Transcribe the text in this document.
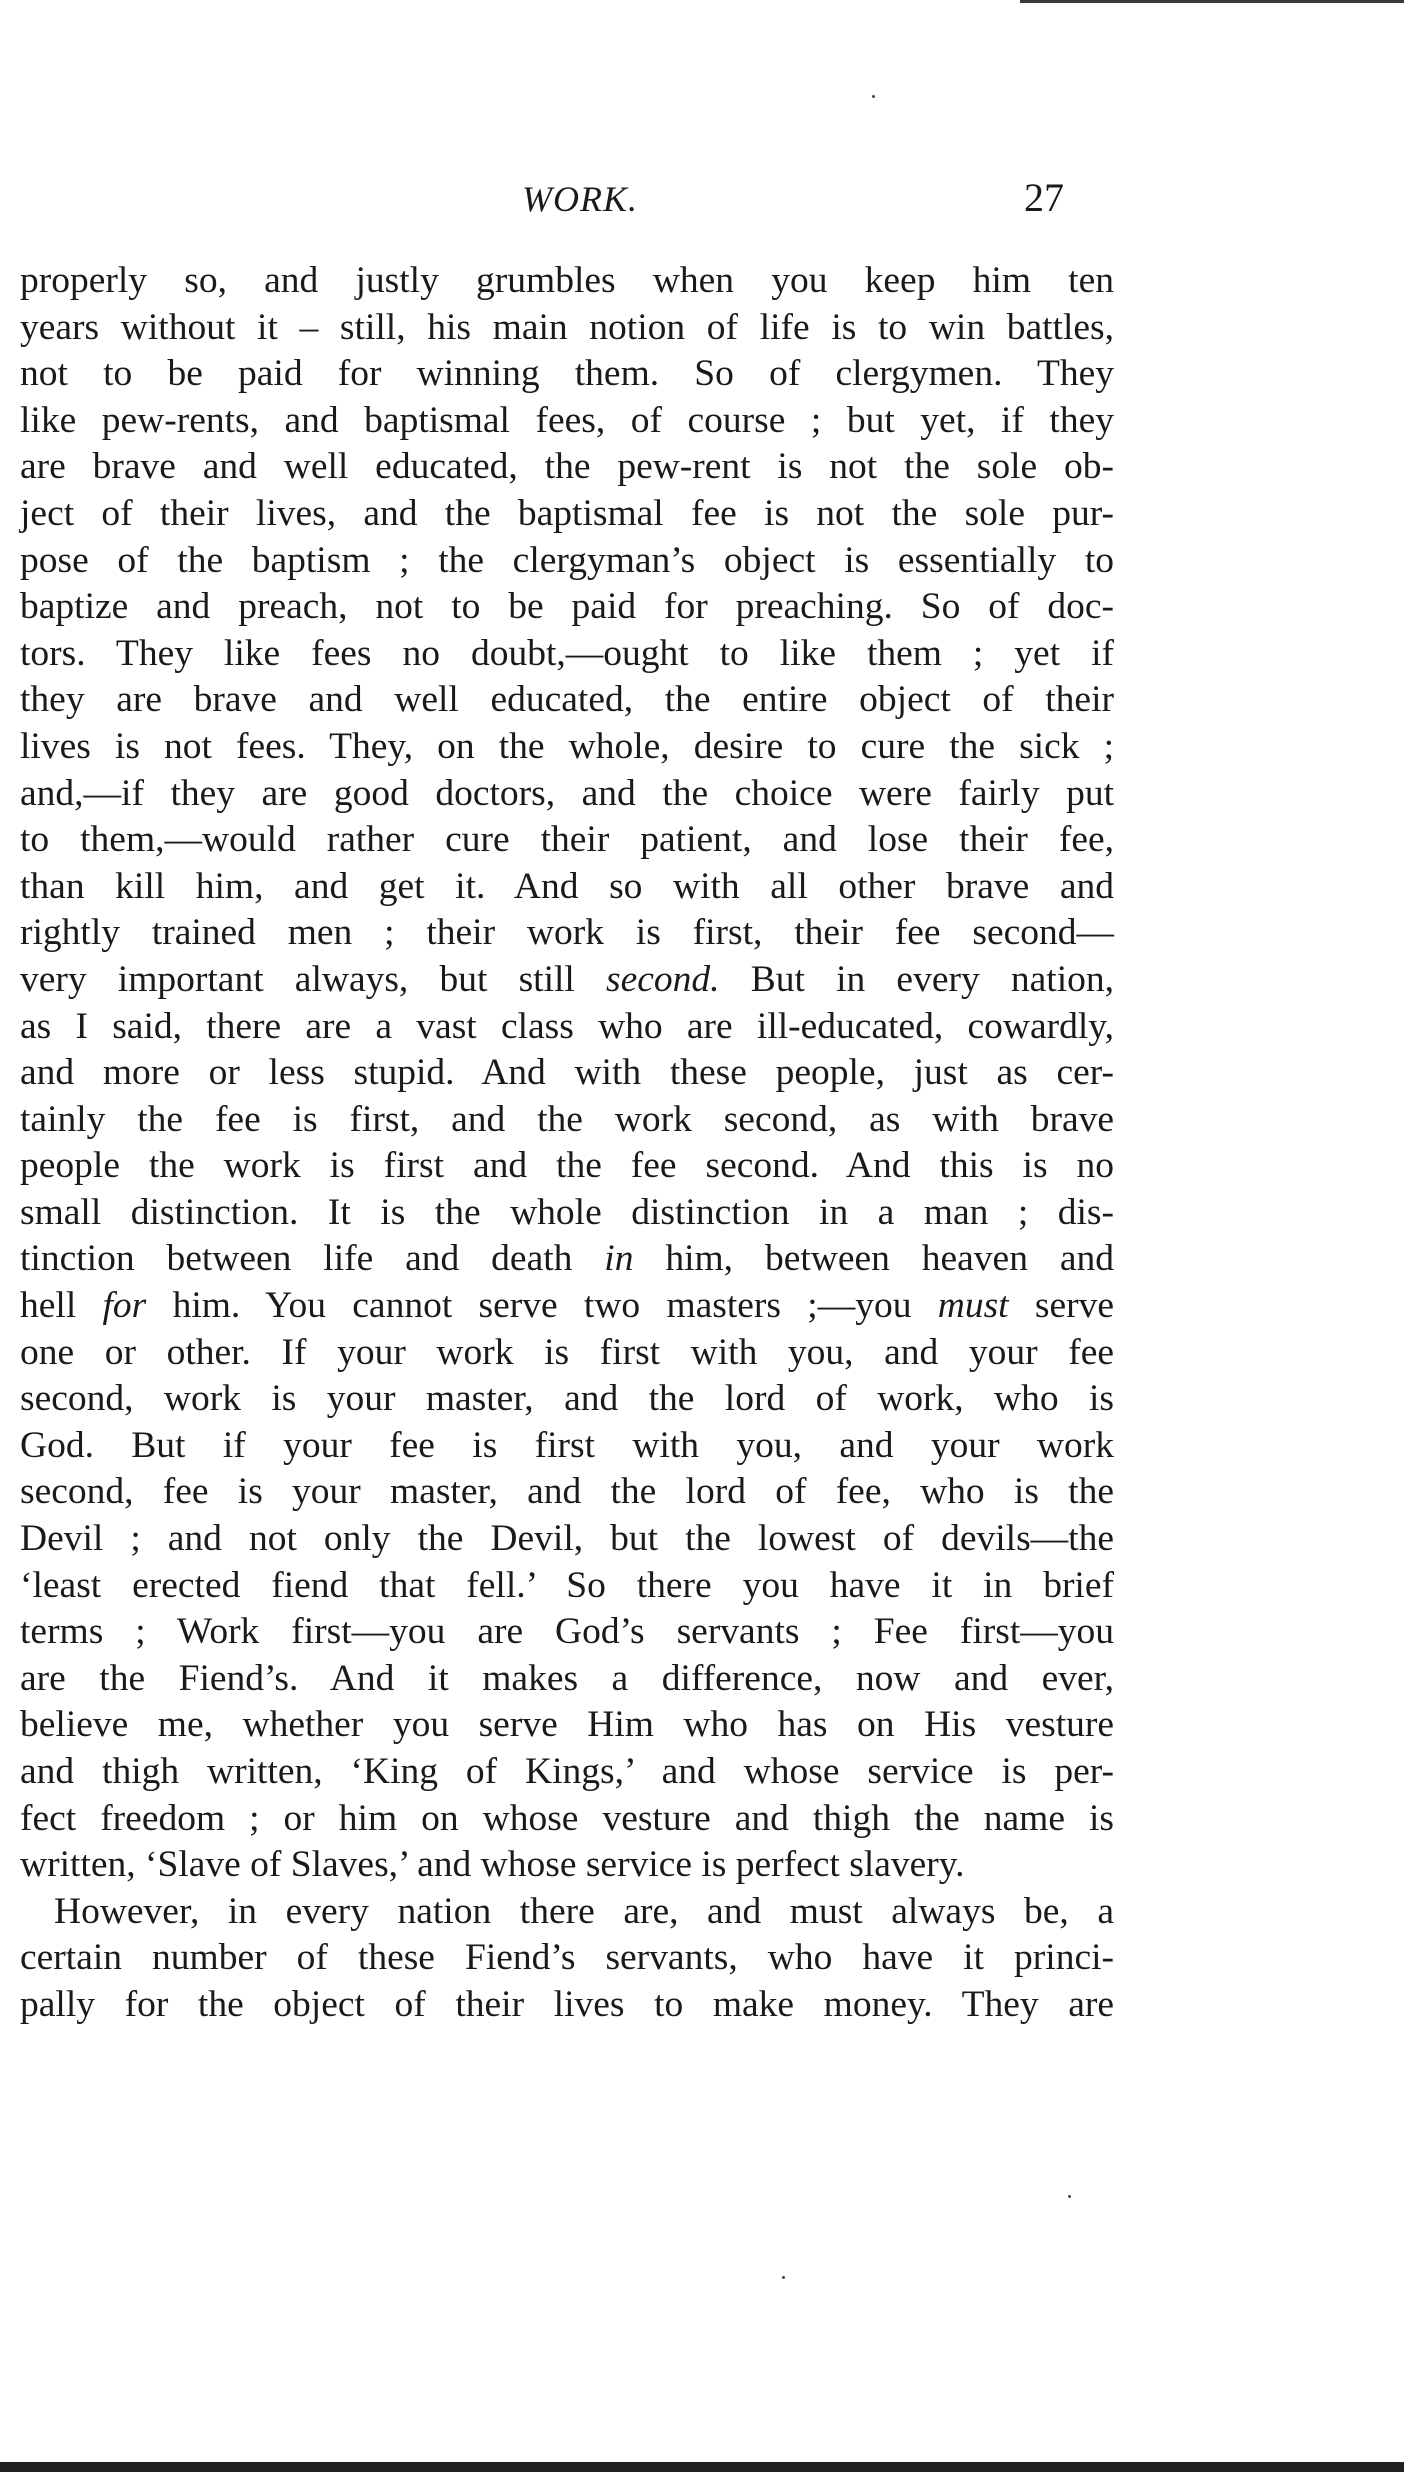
WORK.	27
properly so, and justly grumbles when you keep him ten
years without it – still, his main notion of life is to win battles,
not to be paid for winning them. So of clergymen. They
like pew-rents, and baptismal fees, of course ; but yet, if they
are brave and well educated, the pew-rent is not the sole ob-
ject of their lives, and the baptismal fee is not the sole pur-
pose of the baptism ; the clergyman’s object is essentially to
baptize and preach, not to be paid for preaching. So of doc-
tors. They like fees no doubt,—ought to like them ; yet if
they are brave and well educated, the entire object of their
lives is not fees. They, on the whole, desire to cure the sick ;
and,—if they are good doctors, and the choice were fairly put
to them,—would rather cure their patient, and lose their fee,
than kill him, and get it. And so with all other brave and
rightly trained men ; their work is first, their fee second—
very important always, but still second. But in every nation,
as I said, there are a vast class who are ill-educated, cowardly,
and more or less stupid. And with these people, just as cer-
tainly the fee is first, and the work second, as with brave
people the work is first and the fee second. And this is no
small distinction. It is the whole distinction in a man ; dis-
tinction between life and death in him, between heaven and
hell for him. You cannot serve two masters ;—you must serve
one or other. If your work is first with you, and your fee
second, work is your master, and the lord of work, who is
God. But if your fee is first with you, and your work
second, fee is your master, and the lord of fee, who is the
Devil ; and not only the Devil, but the lowest of devils—the
‘least erected fiend that fell.’ So there you have it in brief
terms ; Work first—you are God’s servants ; Fee first—you
are the Fiend’s. And it makes a difference, now and ever,
believe me, whether you serve Him who has on His vesture
and thigh written, ‘King of Kings,’ and whose service is per-
fect freedom ; or him on whose vesture and thigh the name is
written, ‘Slave of Slaves,’ and whose service is perfect slavery.
However, in every nation there are, and must always be, a
certain number of these Fiend’s servants, who have it princi-
pally for the object of their lives to make money. They are
